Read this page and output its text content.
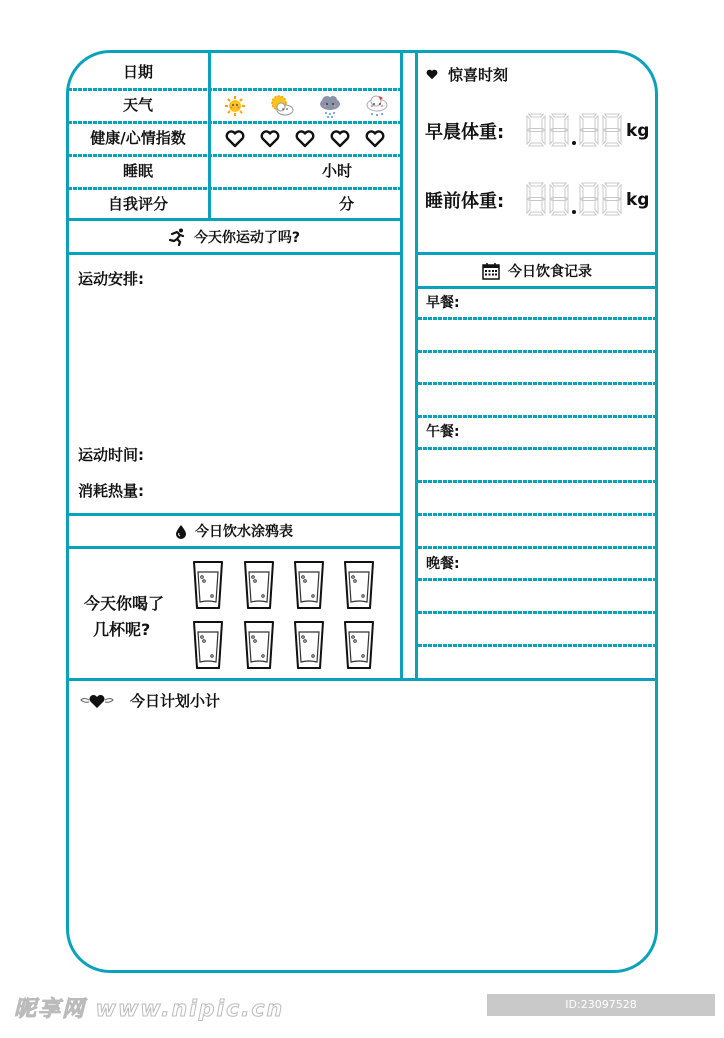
日期
天气
健康/心情指数
睡眠	小时
自我评分	分
今天你运动了吗?
运动安排:
运动时间:
消耗热量:
今日饮水涂鸦表
今天你喝了
几杯呢?
惊喜时刻
早晨体重:	kg
睡前体重:	kg
今日饮食记录
早餐:
午餐:
晚餐:
今日计划小计
昵享网 www.nipic.cn	ID:23097528 NO:20230505190559943103
